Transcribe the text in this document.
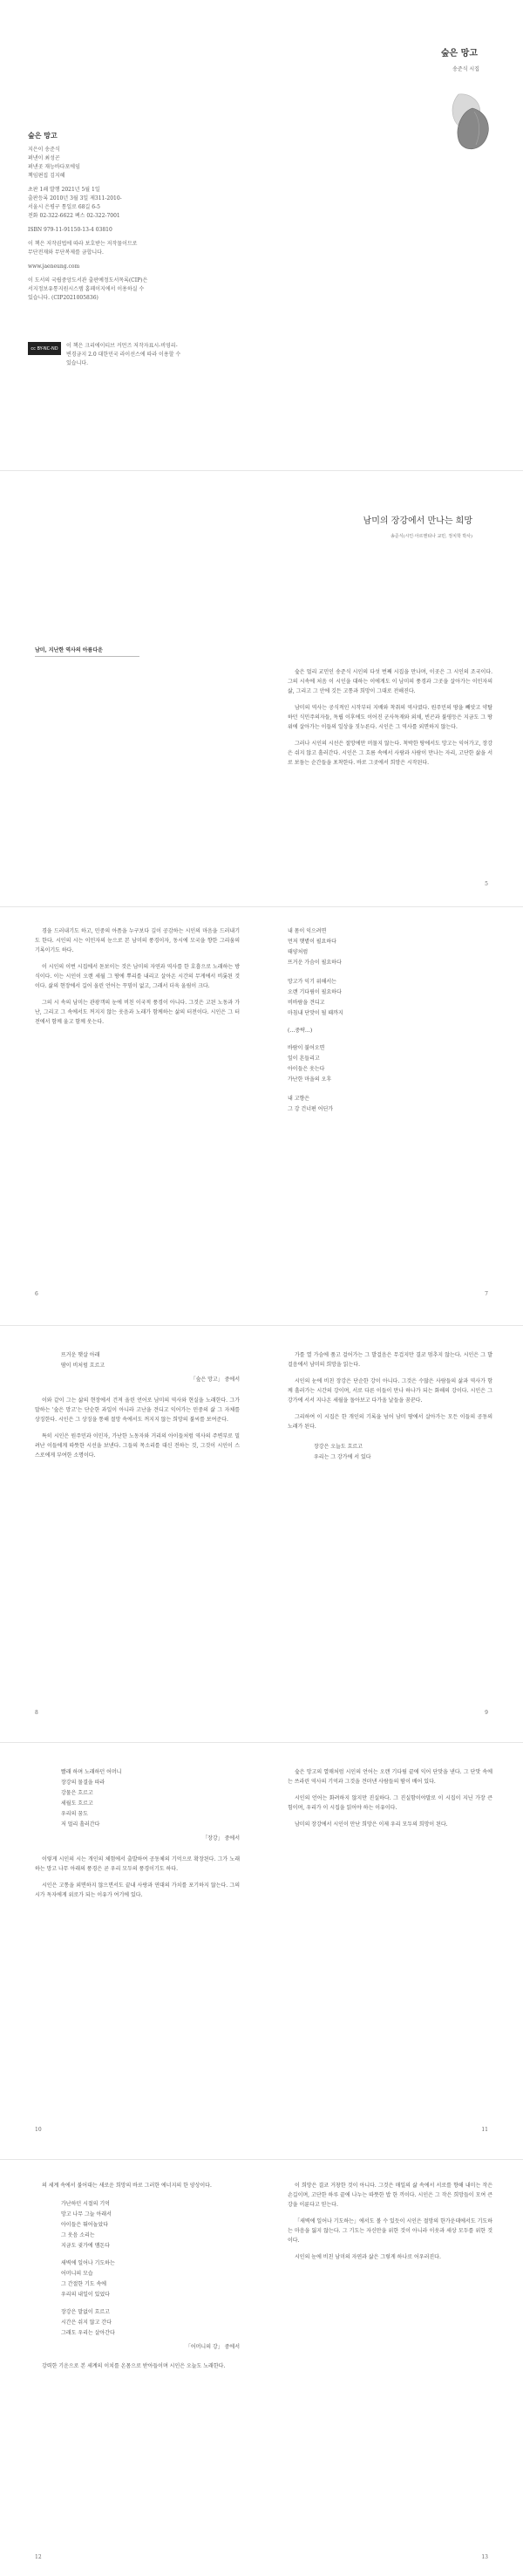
숲은 망고
송준식 시집
숲은 망고
지은이 송준식
펴낸이 최성곤
펴낸곳 재능바다포에임
책임편집 김지혜
초판 1쇄 발행 2021년 5월 1일
출판등록 2010년 3월 3일 제311-2010-
서울시 은평구 통일로 68길 6-5
전화 02-322-6622 팩스 02-322-7001
ISBN 979-11-91150-13-4 03810
이 책은 저작권법에 따라 보호받는 저작물이므로
무단전재와 무단복제를 금합니다.
www.jaeneung.com
이 도서의 국립중앙도서관 출판예정도서목록(CIP)은
서지정보유통지원시스템 홈페이지에서 이용하실 수
있습니다. (CIP2021005836)
cc BY-NC-ND	이 책은 크리에이티브 커먼즈 저작자표시-비영리-
변경금지 2.0 대한민국 라이선스에 따라 이용할 수
있습니다.
남미의 장강에서 만나는 희망
송준식(시인·아르헨티나 교민, 정치학 박사)
남미, 지난한 역사의 아름다운

숲은 멀리 교민인 송준식 시인의 다섯 번째 시집을 만나며, 이곳은 그 시인의 조국이다. 그의 시속에 처음 이 시인을 대하는 이에게도 이 남미의 풍경과 그곳을 살아가는 이민자의 삶, 그리고 그 안에 깃든 고통과 희망이 그대로 전해진다.

남미의 역사는 공식적인 시작부터 지배와 착취의 역사였다. 원주민의 땅을 빼앗고 약탈하던 식민주의자들, 독립 이후에도 이어진 군사독재와 외채, 빈곤과 불평등은 지금도 그 땅 위에 살아가는 이들의 일상을 짓누른다. 시인은 그 역사를 외면하지 않는다.

그러나 시인의 시선은 절망에만 머물지 않는다. 척박한 땅에서도 망고는 익어가고, 장강은 쉬지 않고 흘러간다. 시인은 그 흐름 속에서 사람과 사람이 만나는 자리, 고단한 삶을 서로 보듬는 순간들을 포착한다. 바로 그곳에서 희망은 시작된다.

5

경을 드러내기도 하고, 민중의 아픔을 누구보다 깊이 공감하는 시인의 마음을 드러내기도 한다. 시인의 시는 이민자의 눈으로 본 남미의 풍경이자, 동시에 모국을 향한 그리움의 기록이기도 하다.

이 시인의 이번 시집에서 돋보이는 것은 남미의 자연과 역사를 한 호흡으로 노래하는 방식이다. 이는 시인이 오랜 세월 그 땅에 뿌리를 내리고 살아온 시간의 무게에서 비롯된 것이다. 삶의 현장에서 길어 올린 언어는 꾸밈이 없고, 그래서 더욱 울림이 크다.

그의 시 속의 남미는 관광객의 눈에 비친 이국적 풍경이 아니다. 그것은 고된 노동과 가난, 그리고 그 속에서도 꺼지지 않는 웃음과 노래가 함께하는 삶의 터전이다. 시인은 그 터전에서 함께 울고 함께 웃는다.

내 몸이 익으려면
먼저 햇볕이 필요하다
태양처럼
뜨거운 가슴이 필요하다
망고가 익기 위해서는
오랜 기다림이 필요하다
비바람을 견디고
마침내 단맛이 될 때까지
(…중략…)
바람이 불어오면
잎이 흔들리고
아이들은 웃는다
가난한 마을의 오후
내 고향은
그 강 건너편 어딘가
6	7
뜨거운 햇살 아래
땀이 비처럼 흐르고
「숲은 망고」 중에서

이와 같이 그는 삶의 현장에서 건져 올린 언어로 남미의 역사와 현실을 노래한다. 그가 말하는 '숲은 망고'는 단순한 과일이 아니라 고난을 견디고 익어가는 민중의 삶 그 자체를 상징한다. 시인은 그 상징을 통해 절망 속에서도 꺼지지 않는 희망의 불씨를 보여준다.

특히 시인은 원주민과 이민자, 가난한 노동자와 거리의 아이들처럼 역사의 주변부로 밀려난 이들에게 따뜻한 시선을 보낸다. 그들의 목소리를 대신 전하는 것, 그것이 시인이 스스로에게 부여한 소명이다.

가를 열 가슴에 품고 걸어가는 그 발걸음은 무겁지만 결코 멈추지 않는다. 시인은 그 발걸음에서 남미의 희망을 읽는다.

시인의 눈에 비친 장강은 단순한 강이 아니다. 그것은 수많은 사람들의 삶과 역사가 함께 흘러가는 시간의 강이며, 서로 다른 이들이 만나 하나가 되는 화해의 강이다. 시인은 그 강가에 서서 지나온 세월을 돌아보고 다가올 날들을 꿈꾼다.

그리하여 이 시집은 한 개인의 기록을 넘어 남미 땅에서 살아가는 모든 이들의 공동의 노래가 된다.

장강은 오늘도 흐르고
우리는 그 강가에 서 있다
8	9
빨래 하며 노래하던 어머니
장강의 물결을 따라
강물은 흐르고
세월도 흐르고
우리의 꿈도
저 멀리 흘러간다
「장강」 중에서

이렇게 시인의 시는 개인의 체험에서 출발하여 공동체의 기억으로 확장된다. 그가 노래하는 망고 나무 아래의 풍경은 곧 우리 모두의 풍경이기도 하다.

시인은 고통을 외면하지 않으면서도 끝내 사랑과 연대의 가치를 포기하지 않는다. 그의 시가 독자에게 위로가 되는 이유가 여기에 있다.

숲은 망고의 열매처럼 시인의 언어는 오랜 기다림 끝에 익어 단맛을 낸다. 그 단맛 속에는 쓰라린 역사의 기억과 그것을 견뎌낸 사람들의 땀이 배어 있다.

시인의 언어는 화려하지 않지만 진실하다. 그 진실함이야말로 이 시집이 지닌 가장 큰 힘이며, 우리가 이 시집을 읽어야 하는 이유이다.

남미의 장강에서 시인이 만난 희망은 이제 우리 모두의 희망이 된다.

10	11

의 세계 속에서 불어대는 새로운 희망의 바로 그러한 에너지의 한 양상이다.

가난하던 시절의 기억
망고 나무 그늘 아래서
아이들은 뛰어놀았다
그 웃음 소리는
지금도 귓가에 맴돈다
새벽에 일어나 기도하는
어머니의 모습
그 간절한 기도 속에
우리의 내일이 있었다
장강은 말없이 흐르고
시간은 쉬지 않고 간다
그래도 우리는 살아간다
「어머니의 강」 중에서

강력한 기운으로 본 세계의 이치를 온몸으로 받아들이며 시인은 오늘도 노래한다.

이 희망은 결코 거창한 것이 아니다. 그것은 매일의 삶 속에서 서로를 향해 내미는 작은 손길이며, 고단한 하루 끝에 나누는 따뜻한 밥 한 끼이다. 시인은 그 작은 희망들이 모여 큰 강을 이룬다고 믿는다.

「새벽에 일어나 기도하는」에서도 볼 수 있듯이 시인은 절망의 한가운데에서도 기도하는 마음을 잃지 않는다. 그 기도는 자신만을 위한 것이 아니라 이웃과 세상 모두를 위한 것이다.

시인의 눈에 비친 남미의 자연과 삶은 그렇게 하나로 어우러진다.

12	13
